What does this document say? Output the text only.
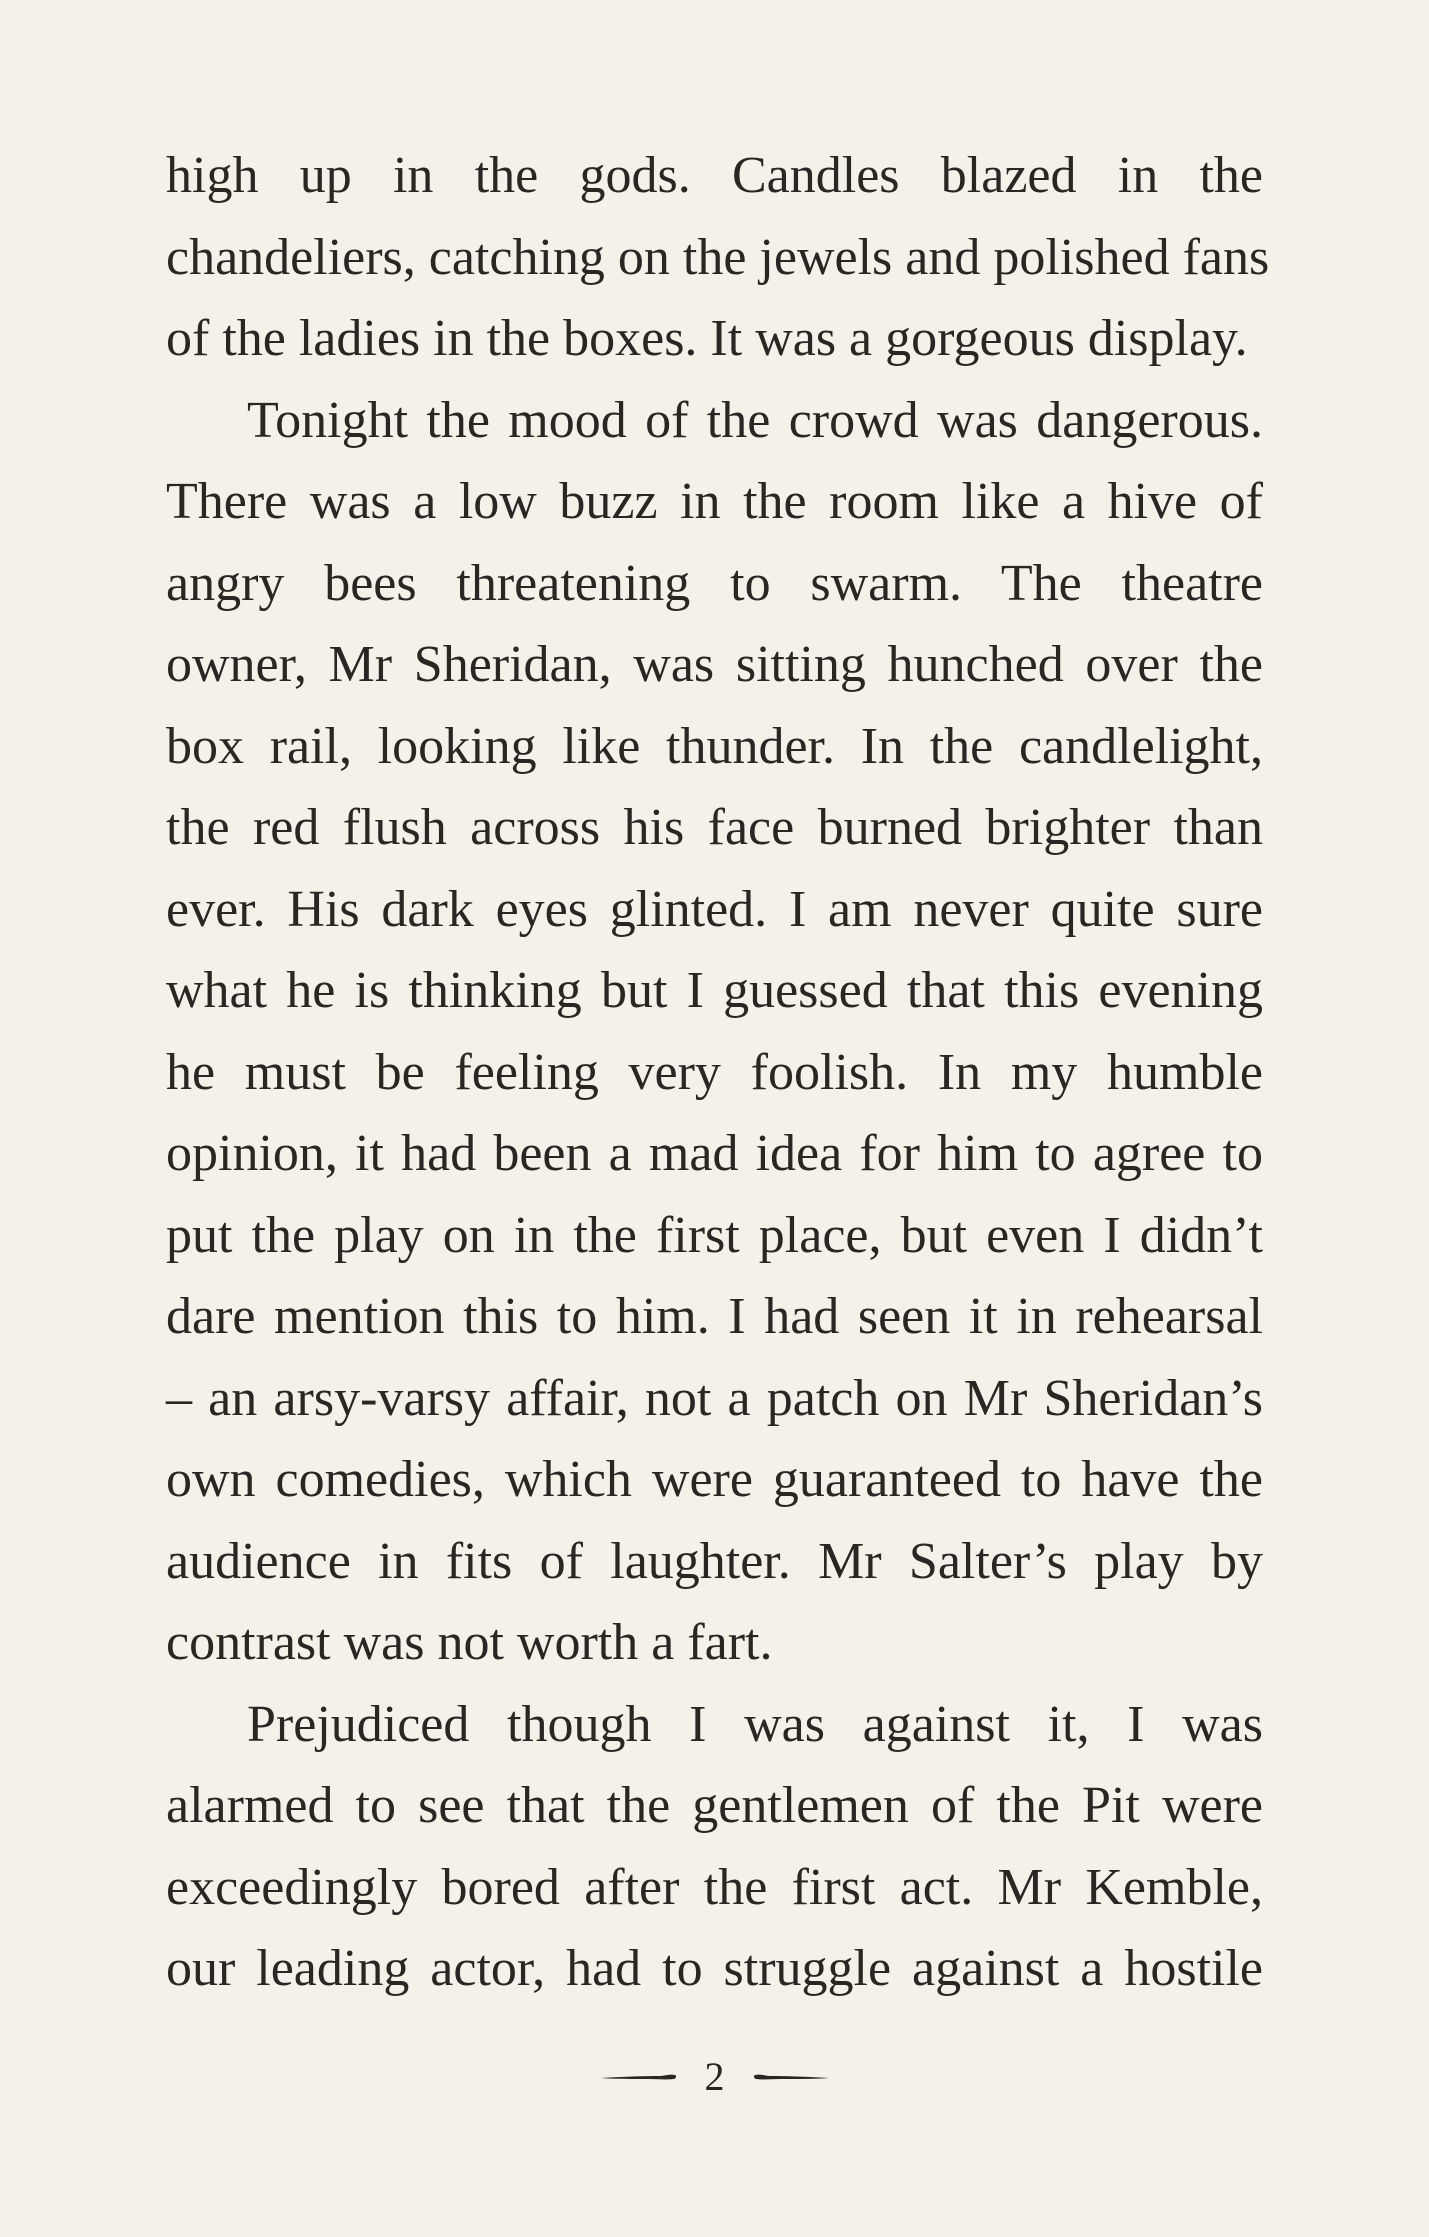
high up in the gods. Candles blazed in the
chandeliers, catching on the jewels and polished fans
of the ladies in the boxes. It was a gorgeous display.
Tonight the mood of the crowd was dangerous.
There was a low buzz in the room like a hive of
angry bees threatening to swarm. The theatre
owner, Mr Sheridan, was sitting hunched over the
box rail, looking like thunder. In the candlelight,
the red flush across his face burned brighter than
ever. His dark eyes glinted. I am never quite sure
what he is thinking but I guessed that this evening
he must be feeling very foolish. In my humble
opinion, it had been a mad idea for him to agree to
put the play on in the first place, but even I didn’t
dare mention this to him. I had seen it in rehearsal
– an arsy-varsy affair, not a patch on Mr Sheridan’s
own comedies, which were guaranteed to have the
audience in fits of laughter. Mr Salter’s play by
contrast was not worth a fart.
Prejudiced though I was against it, I was
alarmed to see that the gentlemen of the Pit were
exceedingly bored after the first act. Mr Kemble,
our leading actor, had to struggle against a hostile
2
